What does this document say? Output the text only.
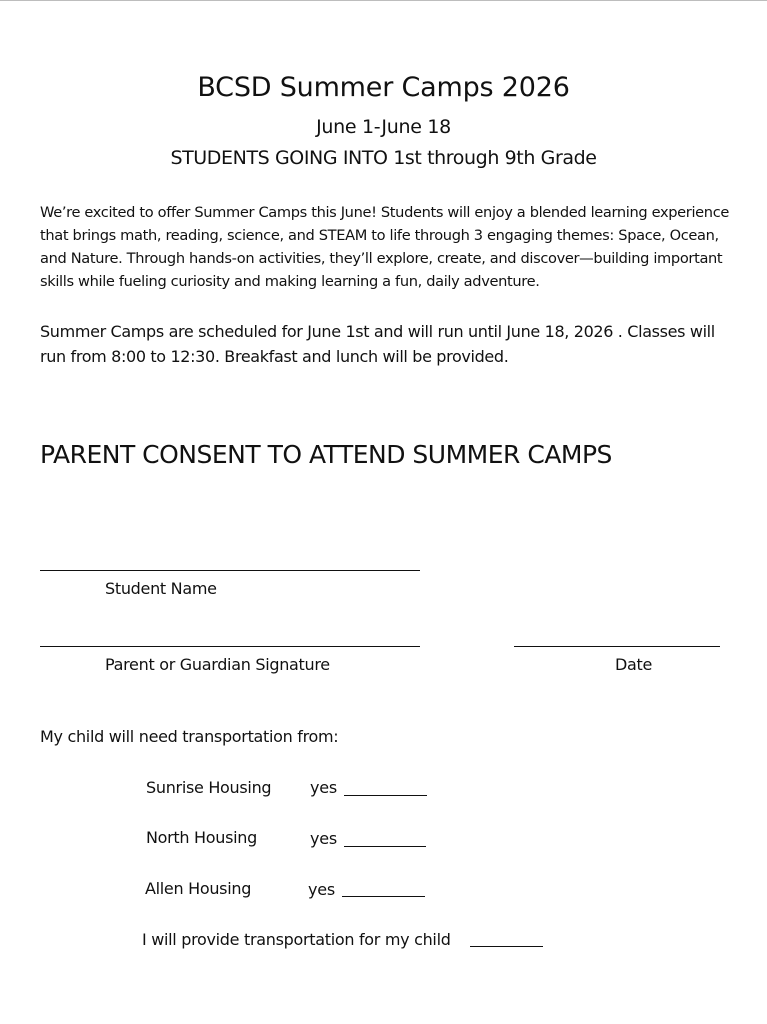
BCSD Summer Camps 2026
June 1-June 18
STUDENTS GOING INTO 1st through 9th Grade
We’re excited to offer Summer Camps this June! Students will enjoy a blended learning experience that brings math, reading, science, and STEAM to life through 3 engaging themes: Space, Ocean, and Nature. Through hands-on activities, they’ll explore, create, and discover—building important skills while fueling curiosity and making learning a fun, daily adventure.
Summer Camps are scheduled for June 1st and will run until June 18, 2026 . Classes will run from 8:00 to 12:30. Breakfast and lunch will be provided.
PARENT CONSENT TO ATTEND SUMMER CAMPS
Student Name
Parent or Guardian Signature	Date
My child will need transportation from:
Sunrise Housing yes
North Housing	yes
Allen Housing	yes
I will provide transportation for my child
